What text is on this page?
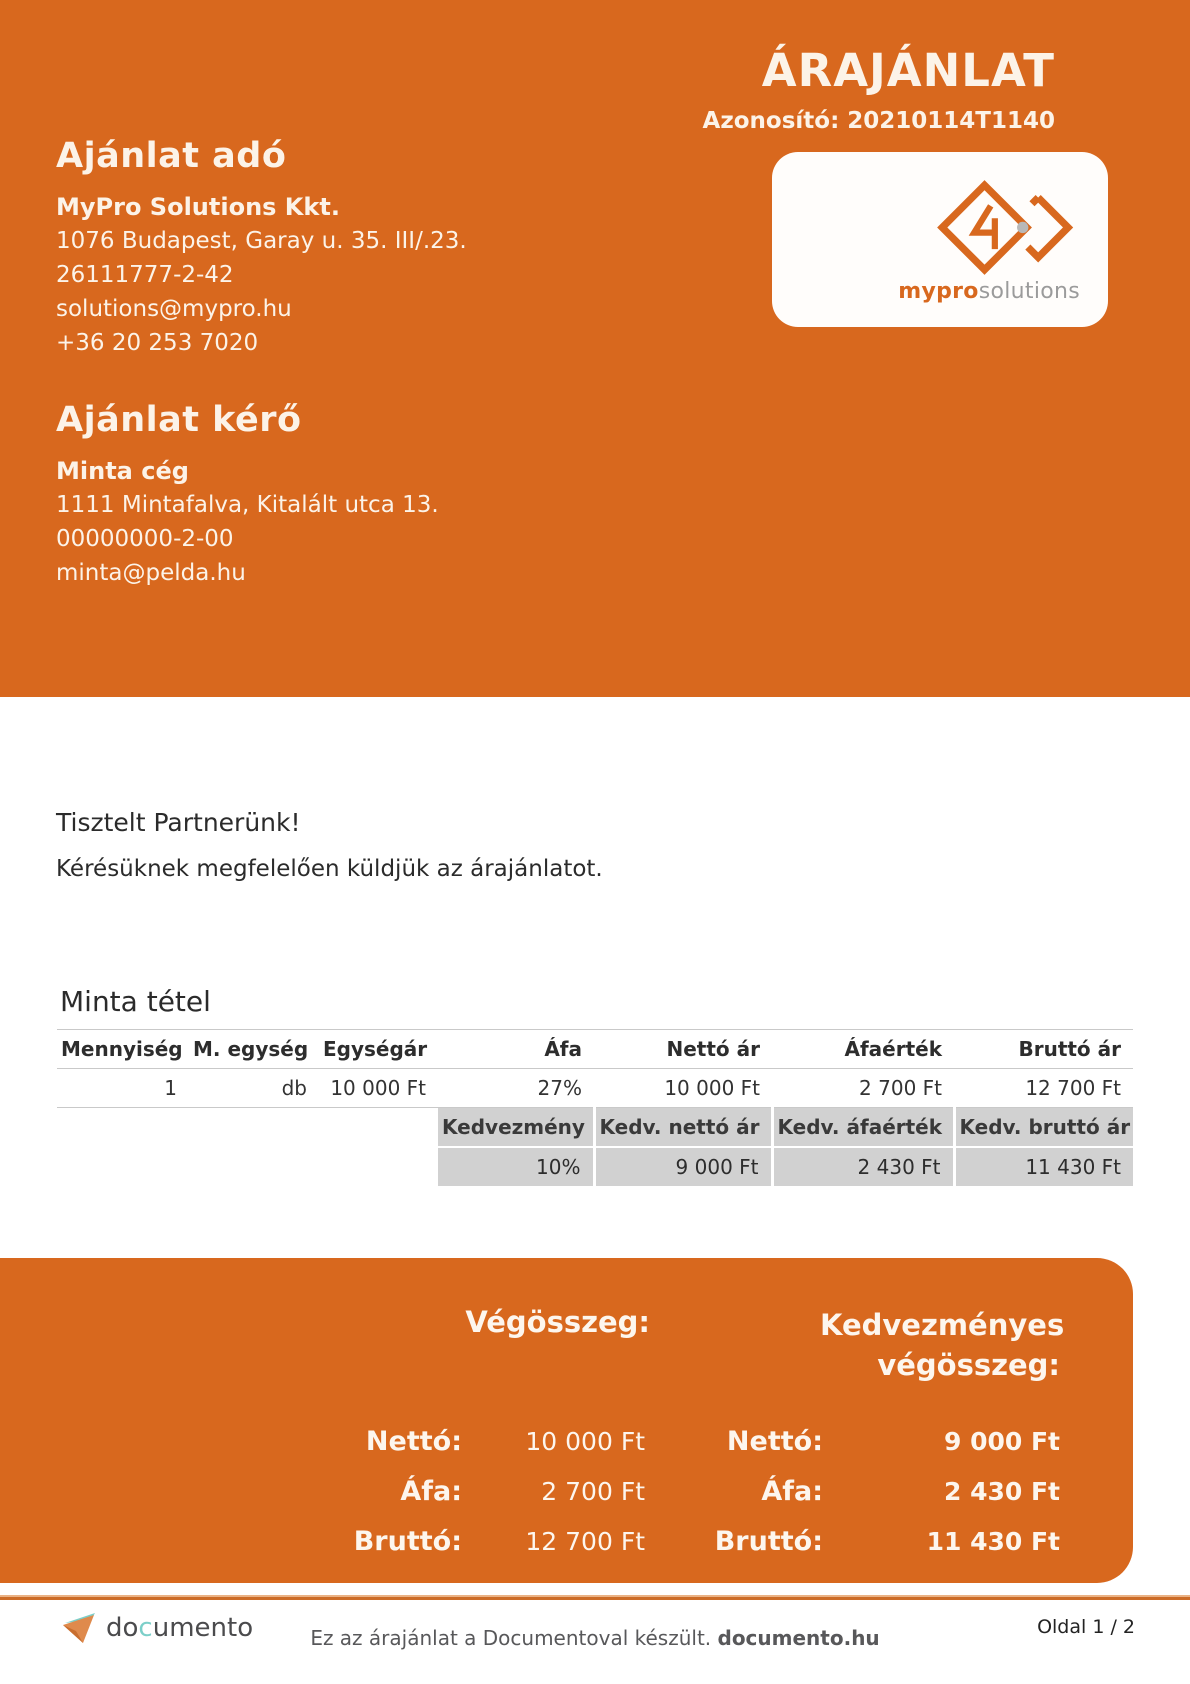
ÁRAJÁNLAT
Azonosító: 20210114T1140
Ajánlat adó
MyPro Solutions Kkt.
1076 Budapest, Garay u. 35. III/.23.
26111777-2-42
solutions@mypro.hu
+36 20 253 7020
Ajánlat kérő
Minta cég
1111 Mintafalva, Kitalált utca 13.
00000000-2-00
minta@pelda.hu
myprosolutions
Tisztelt Partnerünk!
Kérésüknek megfelelően küldjük az árajánlatot.
Minta tétel
Mennyiség	M. egység	Egységár	Áfa	Nettó ár	Áfaérték	Bruttó ár
1	db	10 000 Ft	27%	10 000 Ft	2 700 Ft	12 700 Ft
			Kedvezmény	Kedv. nettó ár	Kedv. áfaérték	Kedv. bruttó ár
			10%	9 000 Ft	2 430 Ft	11 430 Ft
Végösszeg:	Kedvezményes végösszeg:
Nettó:	10 000 Ft	Nettó:	9 000 Ft
Áfa:	2 700 Ft	Áfa:	2 430 Ft
Bruttó:	12 700 Ft	Bruttó:	11 430 Ft
documento	Ez az árajánlat a Documentoval készült. documento.hu	Oldal 1 / 2
